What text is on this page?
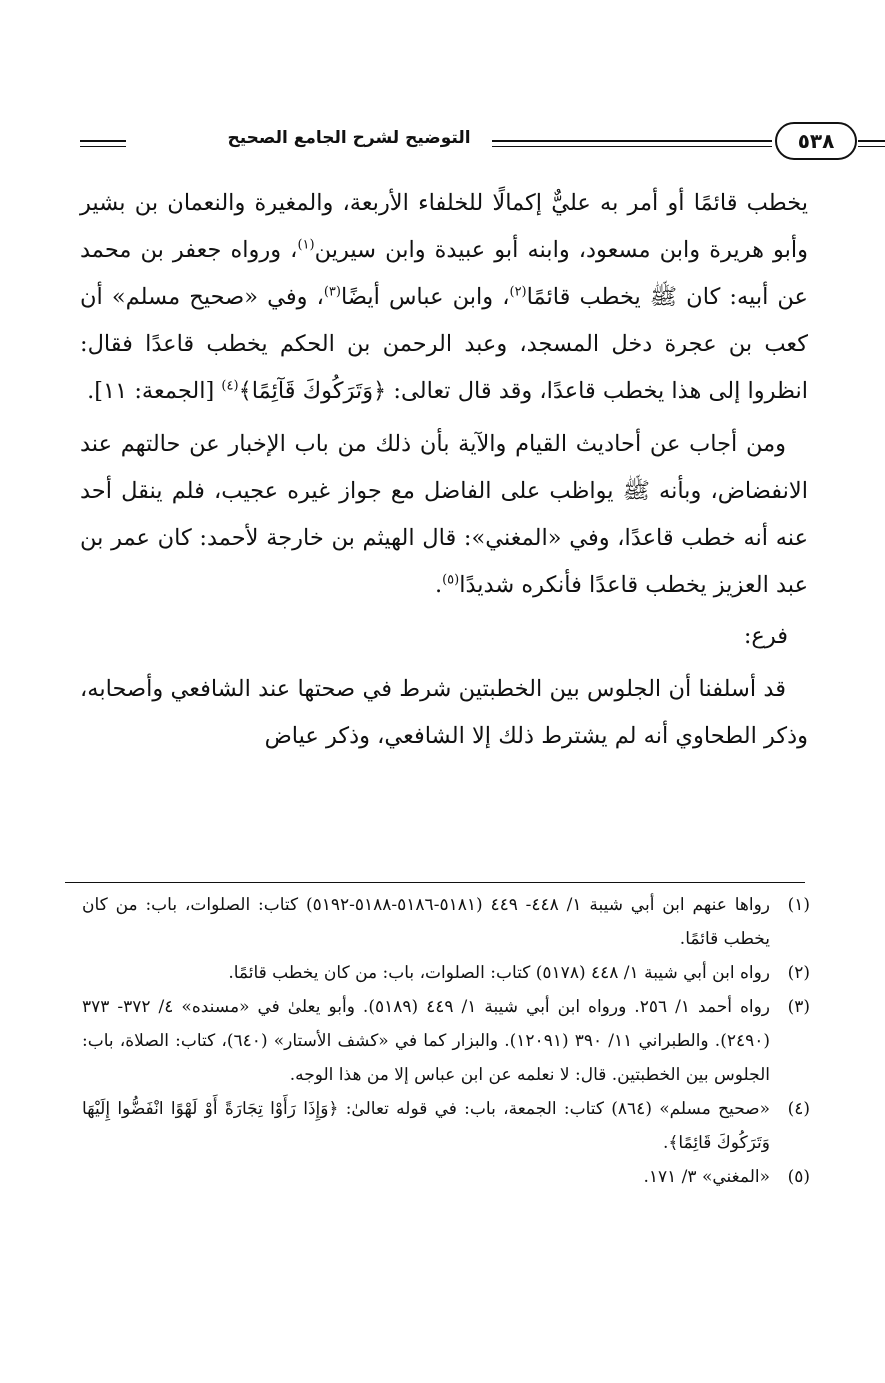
التوضيح لشرح الجامع الصحيح	٥٣٨

يخطب قائمًا أو أمر به عليٌّ إكمالًا للخلفاء الأربعة، والمغيرة والنعمان بن بشير وأبو هريرة وابن مسعود، وابنه أبو عبيدة وابن سيرين$^{(١)}$، ورواه جعفر بن محمد عن أبيه: كان ﷺ يخطب قائمًا$^{(٢)}$، وابن عباس أيضًا$^{(٣)}$، وفي «صحيح مسلم» أن كعب بن عجرة دخل المسجد، وعبد الرحمن بن الحكم يخطب قاعدًا فقال: انظروا إلى هذا يخطب قاعدًا، وقد قال تعالى: ﴿وَتَرَكُوكَ قَآئِمًا﴾$^{(٤)}$ [الجمعة: ١١].

ومن أجاب عن أحاديث القيام والآية بأن ذلك من باب الإخبار عن حالتهم عند الانفضاض، وبأنه ﷺ يواظب على الفاضل مع جواز غيره عجيب، فلم ينقل أحد عنه أنه خطب قاعدًا، وفي «المغني»: قال الهيثم بن خارجة لأحمد: كان عمر بن عبد العزيز يخطب قاعدًا فأنكره شديدًا$^{(٥)}$.

فرع:

قد أسلفنا أن الجلوس بين الخطبتين شرط في صحتها عند الشافعي وأصحابه، وذكر الطحاوي أنه لم يشترط ذلك إلا الشافعي، وذكر عياض

(١)
رواها عنهم ابن أبي شيبة ١/ ٤٤٨- ٤٤٩ (٥١٨١-٥١٨٦-٥١٨٨-٥١٩٢) كتاب: الصلوات، باب: من كان يخطب قائمًا.
(٢)
رواه ابن أبي شيبة ١/ ٤٤٨ (٥١٧٨) كتاب: الصلوات، باب: من كان يخطب قائمًا.
(٣)
رواه أحمد ١/ ٢٥٦. ورواه ابن أبي شيبة ١/ ٤٤٩ (٥١٨٩). وأبو يعلىٰ في «مسنده» ٤/ ٣٧٢- ٣٧٣ (٢٤٩٠). والطبراني ١١/ ٣٩٠ (١٢٠٩١). والبزار كما في «كشف الأستار» (٦٤٠)، كتاب: الصلاة، باب: الجلوس بين الخطبتين. قال: لا نعلمه عن ابن عباس إلا من هذا الوجه.
(٤)
«صحيح مسلم» (٨٦٤) كتاب: الجمعة، باب: في قوله تعالىٰ: ﴿وَإِذَا رَأَوْا تِجَارَةً أَوْ لَهْوًا انْفَضُّوا إِلَيْهَا وَتَرَكُوكَ قَائِمًا﴾.
(٥)
«المغني» ٣/ ١٧١.
